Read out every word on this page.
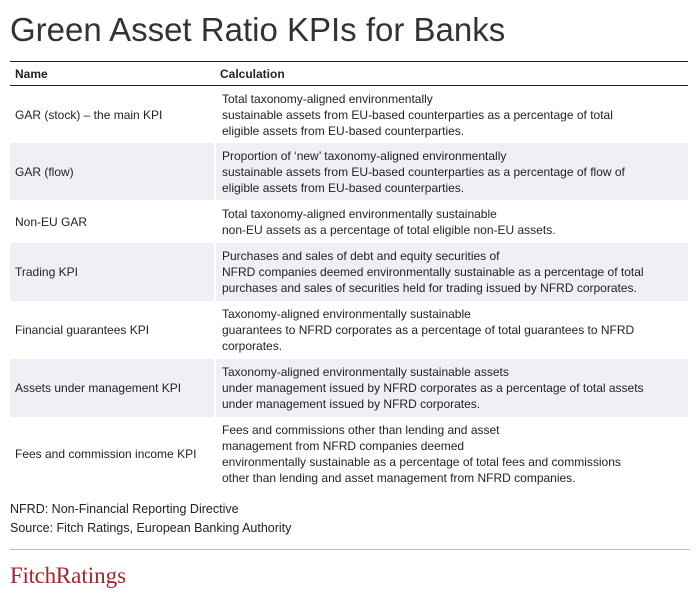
Green Asset Ratio KPIs for Banks
Name	Calculation
GAR (stock) – the main KPI
Total taxonomy-aligned environmentally
sustainable assets from EU-based counterparties as a percentage of total
eligible assets from EU-based counterparties.
GAR (flow)
Proportion of ‘new’ taxonomy-aligned environmentally
sustainable assets from EU-based counterparties as a percentage of flow of
eligible assets from EU-based counterparties.
Non-EU GAR
Total taxonomy-aligned environmentally sustainable
non-EU assets as a percentage of total eligible non-EU assets.
Trading KPI
Purchases and sales of debt and equity securities of
NFRD companies deemed environmentally sustainable as a percentage of total
purchases and sales of securities held for trading issued by NFRD corporates.
Financial guarantees KPI
Taxonomy-aligned environmentally sustainable
guarantees to NFRD corporates as a percentage of total guarantees to NFRD
corporates.
Assets under management KPI
Taxonomy-aligned environmentally sustainable assets
under management issued by NFRD corporates as a percentage of total assets
under management issued by NFRD corporates.
Fees and commission income KPI
Fees and commissions other than lending and asset
management from NFRD companies deemed
environmentally sustainable as a percentage of total fees and commissions
other than lending and asset management from NFRD companies.
NFRD: Non-Financial Reporting Directive
Source: Fitch Ratings, European Banking Authority
FitchRatings
